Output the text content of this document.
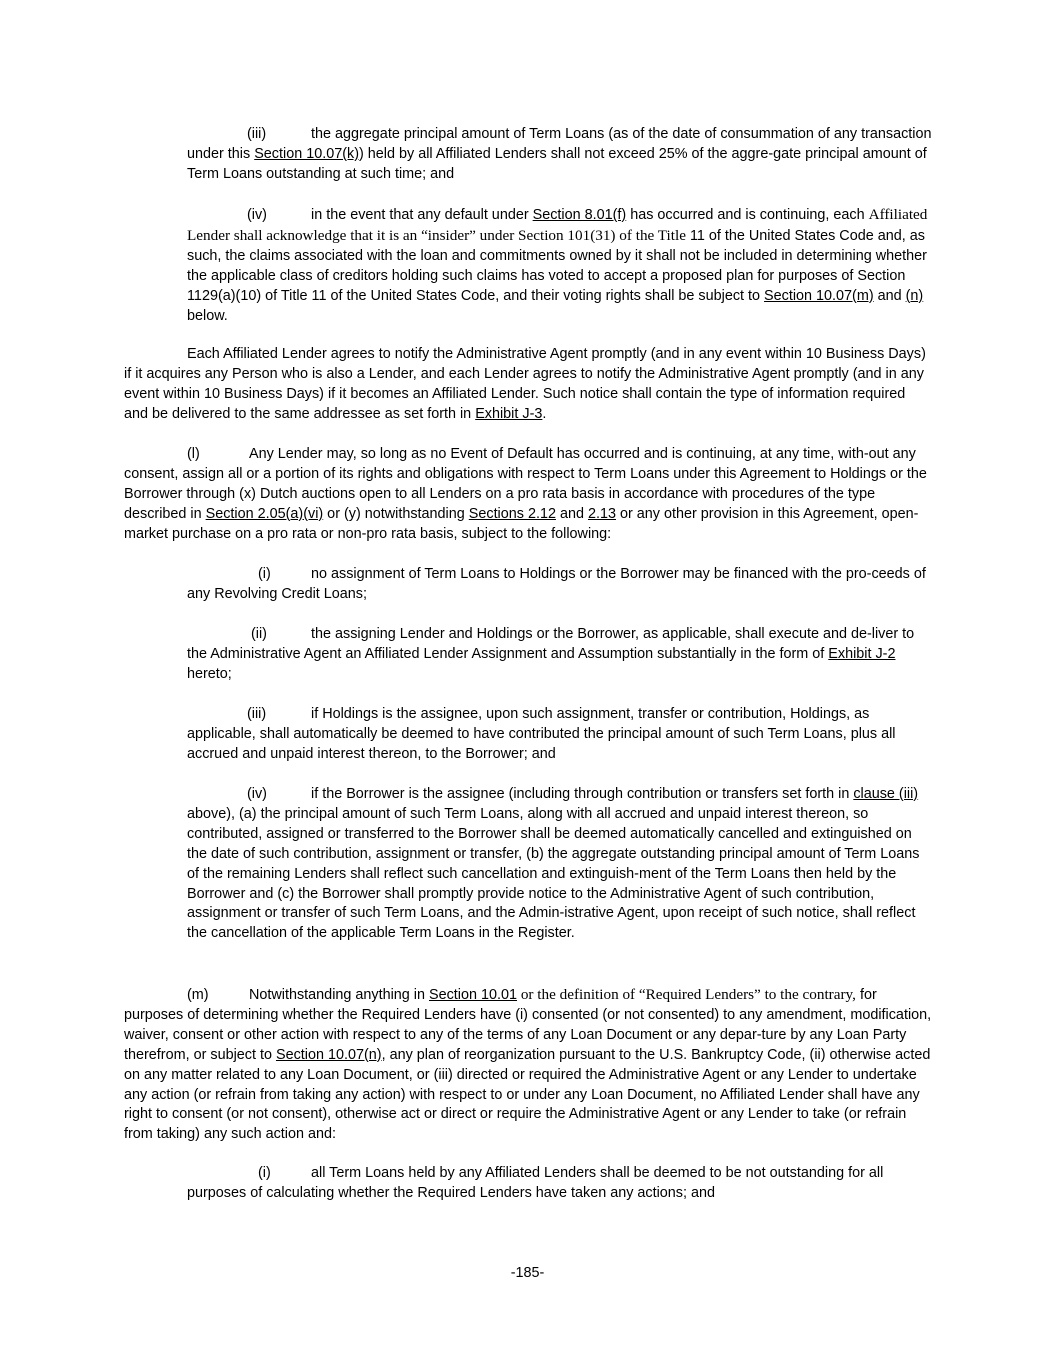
(iii)	the aggregate principal amount of Term Loans (as of the date of consummation of any transaction under this Section 10.07(k)) held by all Affiliated Lenders shall not exceed 25% of the aggre-gate principal amount of Term Loans outstanding at such time; and

(iv)	in the event that any default under Section 8.01(f) has occurred and is continuing, each Affiliated Lender shall acknowledge that it is an “insider” under Section 101(31) of the Title 11 of the United States Code and, as such, the claims associated with the loan and commitments owned by it shall not be included in determining whether the applicable class of creditors holding such claims has voted to accept a proposed plan for purposes of Section 1129(a)(10) of Title 11 of the United States Code, and their voting rights shall be subject to Section 10.07(m) and (n) below.

Each Affiliated Lender agrees to notify the Administrative Agent promptly (and in any event within 10 Business Days) if it acquires any Person who is also a Lender, and each Lender agrees to notify the Administrative Agent promptly (and in any event within 10 Business Days) if it becomes an Affiliated Lender. Such notice shall contain the type of information required and be delivered to the same addressee as set forth in Exhibit J-3.

(l)	Any Lender may, so long as no Event of Default has occurred and is continuing, at any time, with-out any consent, assign all or a portion of its rights and obligations with respect to Term Loans under this Agreement to Holdings or the Borrower through (x) Dutch auctions open to all Lenders on a pro rata basis in accordance with procedures of the type described in Section 2.05(a)(vi) or (y) notwithstanding Sections 2.12 and 2.13 or any other provision in this Agreement, open-market purchase on a pro rata or non-pro rata basis, subject to the following:

(i)	no assignment of Term Loans to Holdings or the Borrower may be financed with the pro-ceeds of any Revolving Credit Loans;

(ii)	the assigning Lender and Holdings or the Borrower, as applicable, shall execute and de-liver to the Administrative Agent an Affiliated Lender Assignment and Assumption substantially in the form of Exhibit J-2 hereto;

(iii)	if Holdings is the assignee, upon such assignment, transfer or contribution, Holdings, as applicable, shall automatically be deemed to have contributed the principal amount of such Term Loans, plus all accrued and unpaid interest thereon, to the Borrower; and

(iv)	if the Borrower is the assignee (including through contribution or transfers set forth in clause (iii) above), (a) the principal amount of such Term Loans, along with all accrued and unpaid interest thereon, so contributed, assigned or transferred to the Borrower shall be deemed automatically cancelled and extinguished on the date of such contribution, assignment or transfer, (b) the aggregate outstanding principal amount of Term Loans of the remaining Lenders shall reflect such cancellation and extinguish-ment of the Term Loans then held by the Borrower and (c) the Borrower shall promptly provide notice to the Administrative Agent of such contribution, assignment or transfer of such Term Loans, and the Admin-istrative Agent, upon receipt of such notice, shall reflect the cancellation of the applicable Term Loans in the Register.

(m)	Notwithstanding anything in Section 10.01 or the definition of “Required Lenders” to the contrary, for purposes of determining whether the Required Lenders have (i) consented (or not consented) to any amendment, modification, waiver, consent or other action with respect to any of the terms of any Loan Document or any depar-ture by any Loan Party therefrom, or subject to Section 10.07(n), any plan of reorganization pursuant to the U.S. Bankruptcy Code, (ii) otherwise acted on any matter related to any Loan Document, or (iii) directed or required the Administrative Agent or any Lender to undertake any action (or refrain from taking any action) with respect to or under any Loan Document, no Affiliated Lender shall have any right to consent (or not consent), otherwise act or direct or require the Administrative Agent or any Lender to take (or refrain from taking) any such action and:

(i)	all Term Loans held by any Affiliated Lenders shall be deemed to be not outstanding for all purposes of calculating whether the Required Lenders have taken any actions; and

-185-
